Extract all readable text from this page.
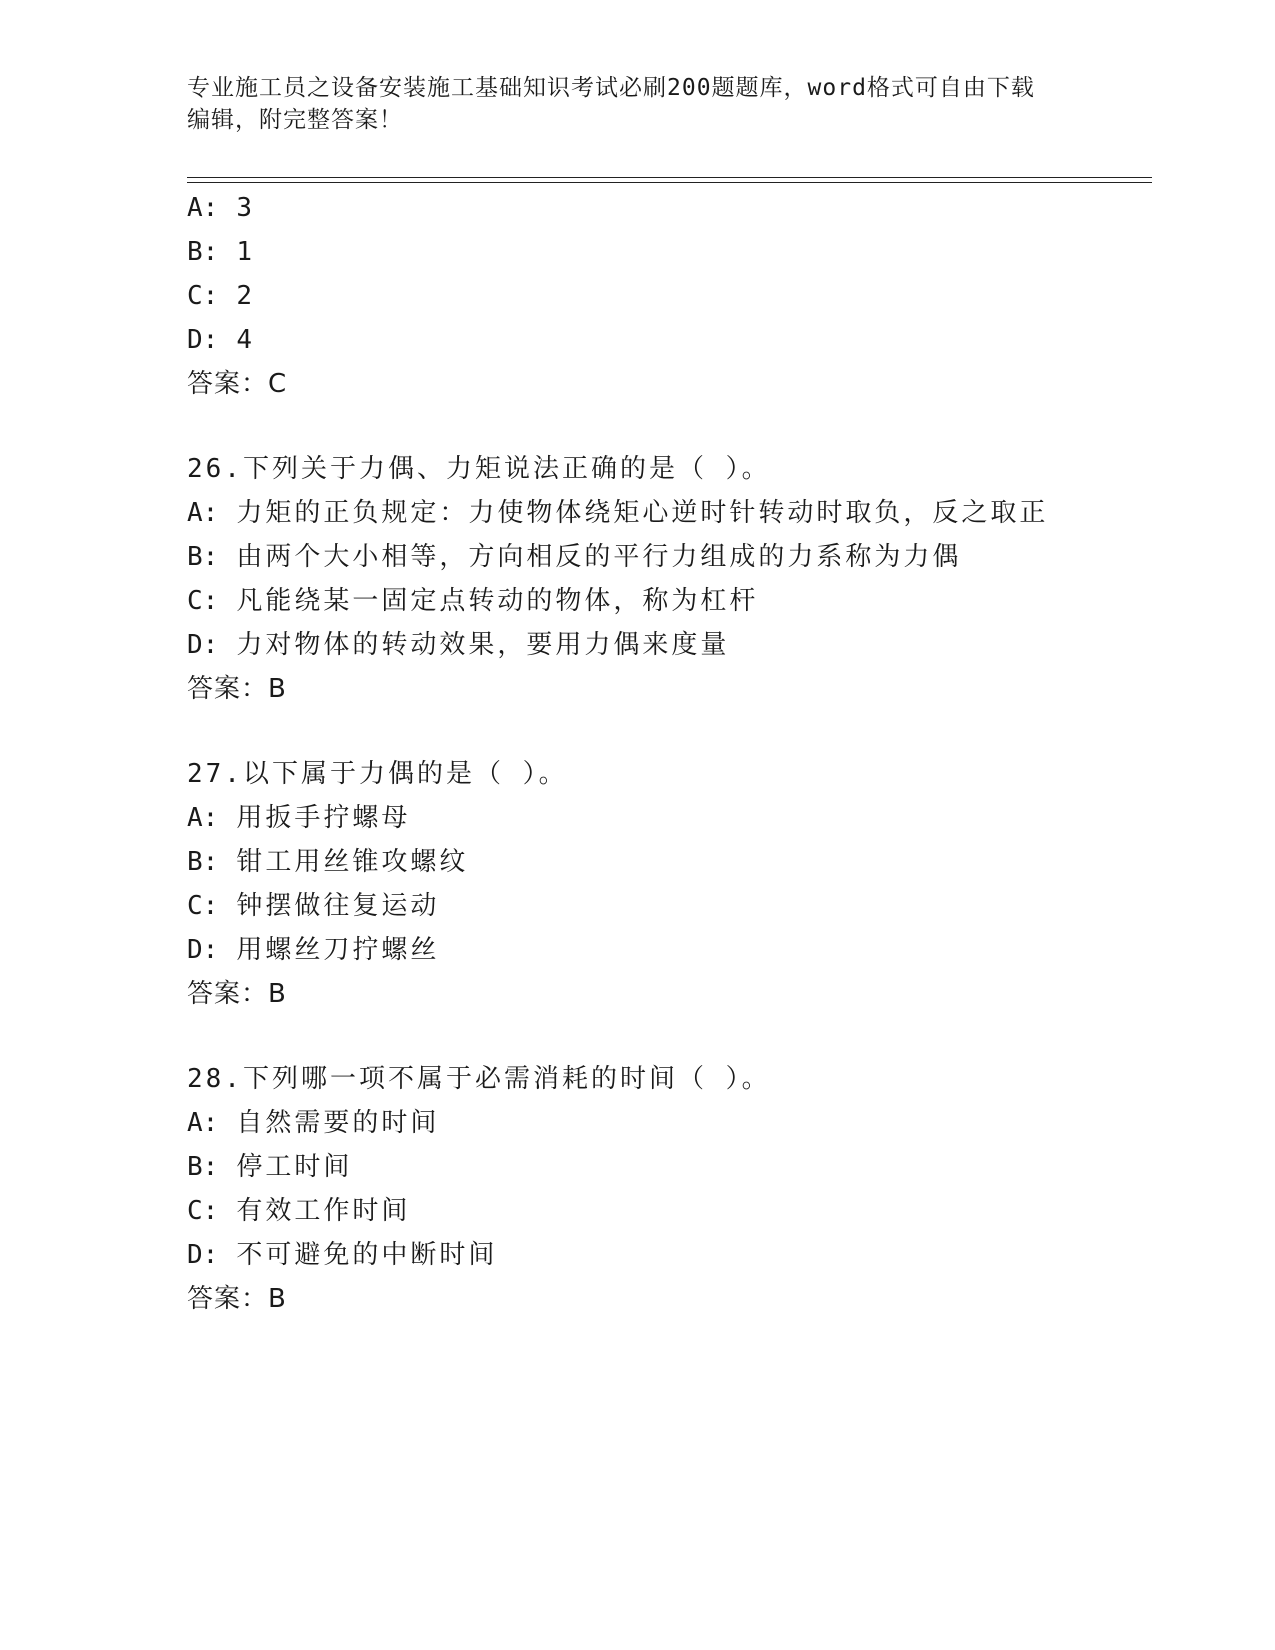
专业施工员之设备安装施工基础知识考试必刷200题题库，word格式可自由下载
编辑，附完整答案！
A: 3
B: 1
C: 2
D: 4
答案：C
26.下列关于力偶、力矩说法正确的是（ ）。
A: 力矩的正负规定：力使物体绕矩心逆时针转动时取负，反之取正
B: 由两个大小相等，方向相反的平行力组成的力系称为力偶
C: 凡能绕某一固定点转动的物体，称为杠杆
D: 力对物体的转动效果，要用力偶来度量
答案：B
27.以下属于力偶的是（ ）。
A: 用扳手拧螺母
B: 钳工用丝锥攻螺纹
C: 钟摆做往复运动
D: 用螺丝刀拧螺丝
答案：B
28.下列哪一项不属于必需消耗的时间（ ）。
A: 自然需要的时间
B: 停工时间
C: 有效工作时间
D: 不可避免的中断时间
答案：B
